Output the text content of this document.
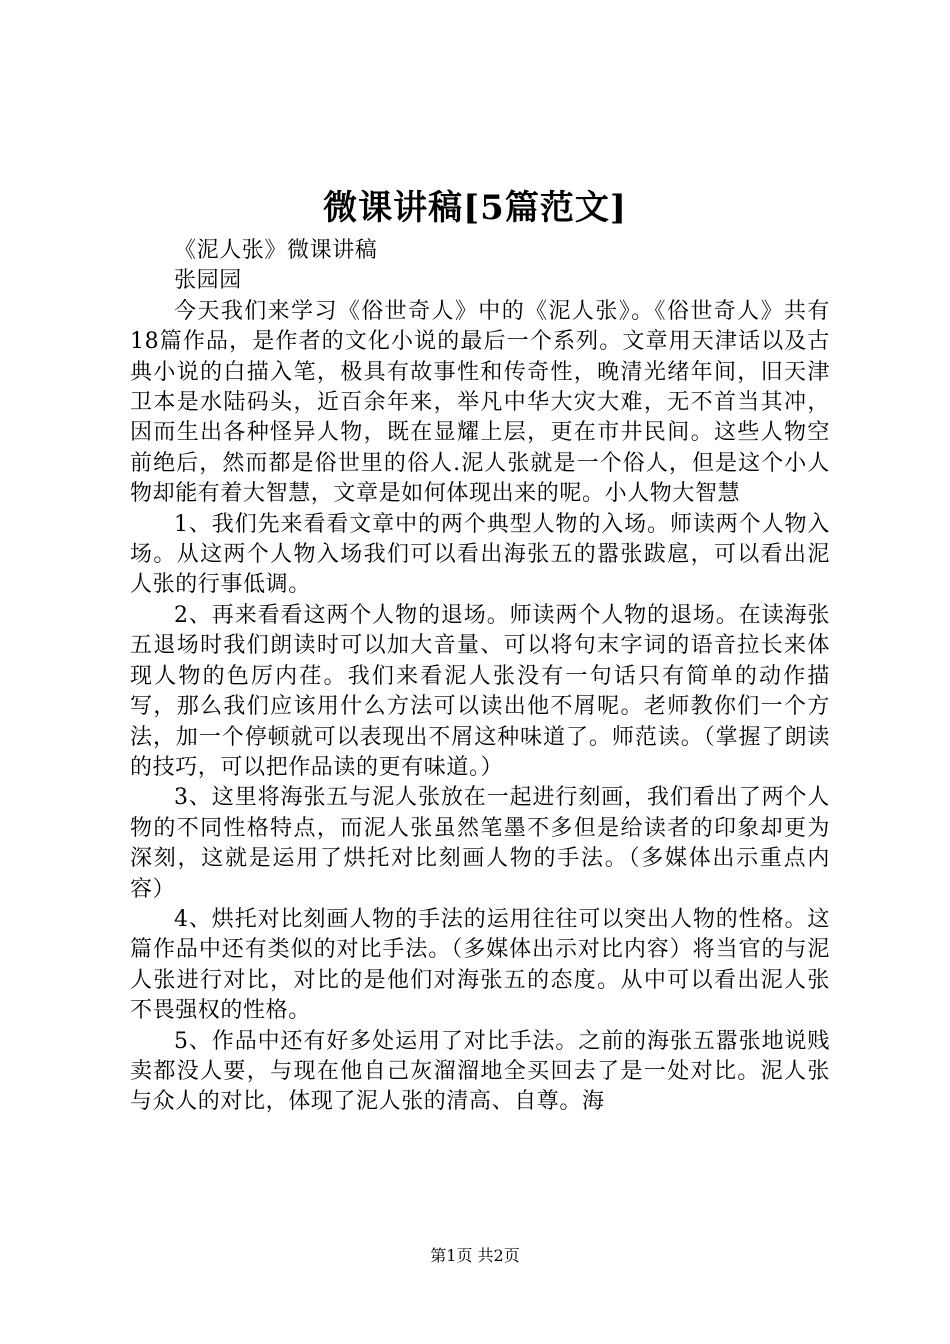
微课讲稿[5篇范文]

《泥人张》微课讲稿

张园园

今天我们来学习《俗世奇人》中的《泥人张》。《俗世奇人》共有18篇作品，是作者的文化小说的最后一个系列。文章用天津话以及古典小说的白描入笔，极具有故事性和传奇性，晚清光绪年间，旧天津卫本是水陆码头，近百余年来，举凡中华大灾大难，无不首当其冲，因而生出各种怪异人物，既在显耀上层，更在市井民间。这些人物空前绝后，然而都是俗世里的俗人.泥人张就是一个俗人，但是这个小人物却能有着大智慧，文章是如何体现出来的呢。小人物大智慧

1、我们先来看看文章中的两个典型人物的入场。师读两个人物入场。从这两个人物入场我们可以看出海张五的嚣张跋扈，可以看出泥人张的行事低调。

2、再来看看这两个人物的退场。师读两个人物的退场。在读海张五退场时我们朗读时可以加大音量、可以将句末字词的语音拉长来体现人物的色厉内荏。我们来看泥人张没有一句话只有简单的动作描写，那么我们应该用什么方法可以读出他不屑呢。老师教你们一个方法，加一个停顿就可以表现出不屑这种味道了。师范读。（掌握了朗读的技巧，可以把作品读的更有味道。）

3、这里将海张五与泥人张放在一起进行刻画，我们看出了两个人物的不同性格特点，而泥人张虽然笔墨不多但是给读者的印象却更为深刻，这就是运用了烘托对比刻画人物的手法。（多媒体出示重点内容）

4、烘托对比刻画人物的手法的运用往往可以突出人物的性格。这篇作品中还有类似的对比手法。（多媒体出示对比内容）将当官的与泥人张进行对比，对比的是他们对海张五的态度。从中可以看出泥人张不畏强权的性格。

5、作品中还有好多处运用了对比手法。之前的海张五嚣张地说贱卖都没人要，与现在他自己灰溜溜地全买回去了是一处对比。泥人张与众人的对比，体现了泥人张的清高、自尊。海

第1页 共2页
